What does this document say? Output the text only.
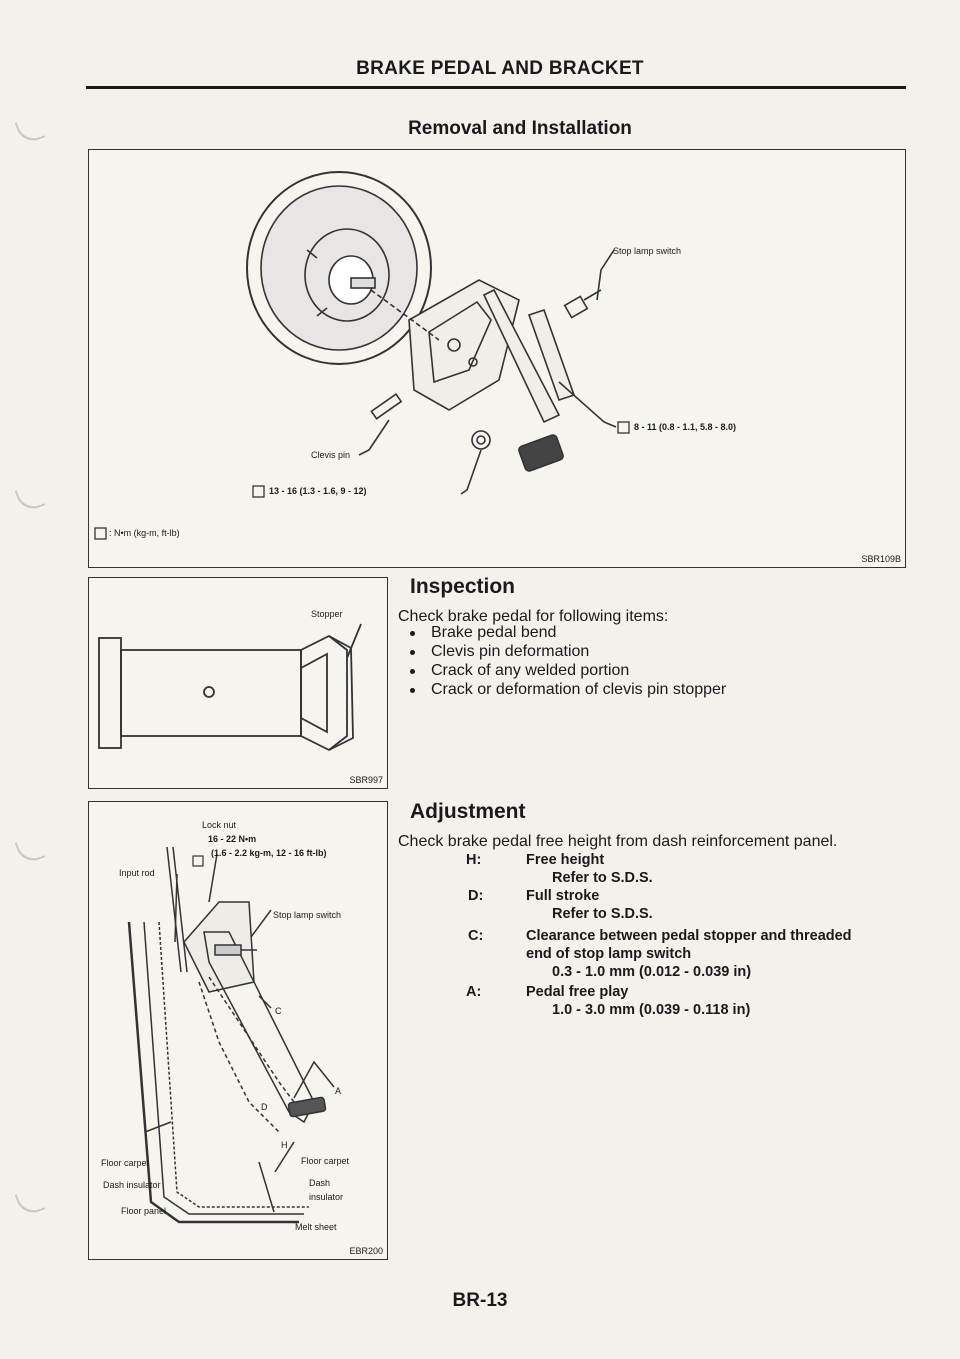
BRAKE PEDAL AND BRACKET
Removal and Installation
Stop lamp switch
8 - 11 (0.8 - 1.1, 5.8 - 8.0)
Clevis pin
13 - 16 (1.3 - 1.6, 9 - 12)
: N•m (kg-m, ft-lb)
SBR109B
Stopper
SBR997
Inspection
Check brake pedal for following items:
Brake pedal bend
Clevis pin deformation
Crack of any welded portion
Crack or deformation of clevis pin stopper
Lock nut
16 - 22 N•m
(1.6 - 2.2 kg-m, 12 - 16 ft-lb)
Input rod
Stop lamp switch
C
A
D
H
Floor carpet	Floor carpet
Dash insulator	Dash
insulator
Floor panel
Melt sheet
EBR200
Adjustment
Check brake pedal free height from dash reinforcement panel.
H:	Free height
Refer to S.D.S.
D:	Full stroke
Refer to S.D.S.
C:	Clearance between pedal stopper and threaded
end of stop lamp switch
0.3 - 1.0 mm (0.012 - 0.039 in)
A:	Pedal free play
1.0 - 3.0 mm (0.039 - 0.118 in)
BR-13
